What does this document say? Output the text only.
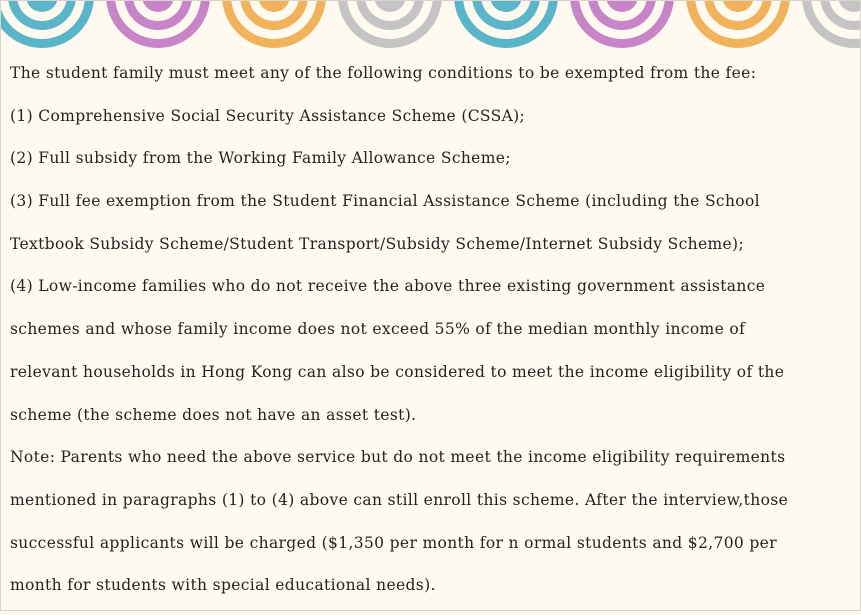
The student family must meet any of the following conditions to be exempted from the fee:
(1) Comprehensive Social Security Assistance Scheme (CSSA);
(2) Full subsidy from the Working Family Allowance Scheme;
(3) Full fee exemption from the Student Financial Assistance Scheme (including the School
Textbook Subsidy Scheme/Student Transport/Subsidy Scheme/Internet Subsidy Scheme);
(4) Low-income families who do not receive the above three existing government assistance
schemes and whose family income does not exceed 55% of the median monthly income of
relevant households in Hong Kong can also be considered to meet the income eligibility of the
scheme (the scheme does not have an asset test).
Note: Parents who need the above service but do not meet the income eligibility requirements
mentioned in paragraphs (1) to (4) above can still enroll this scheme. After the interview,those
successful applicants will be charged ($1,350 per month for n ormal students and $2,700 per
month for students with special educational needs).
